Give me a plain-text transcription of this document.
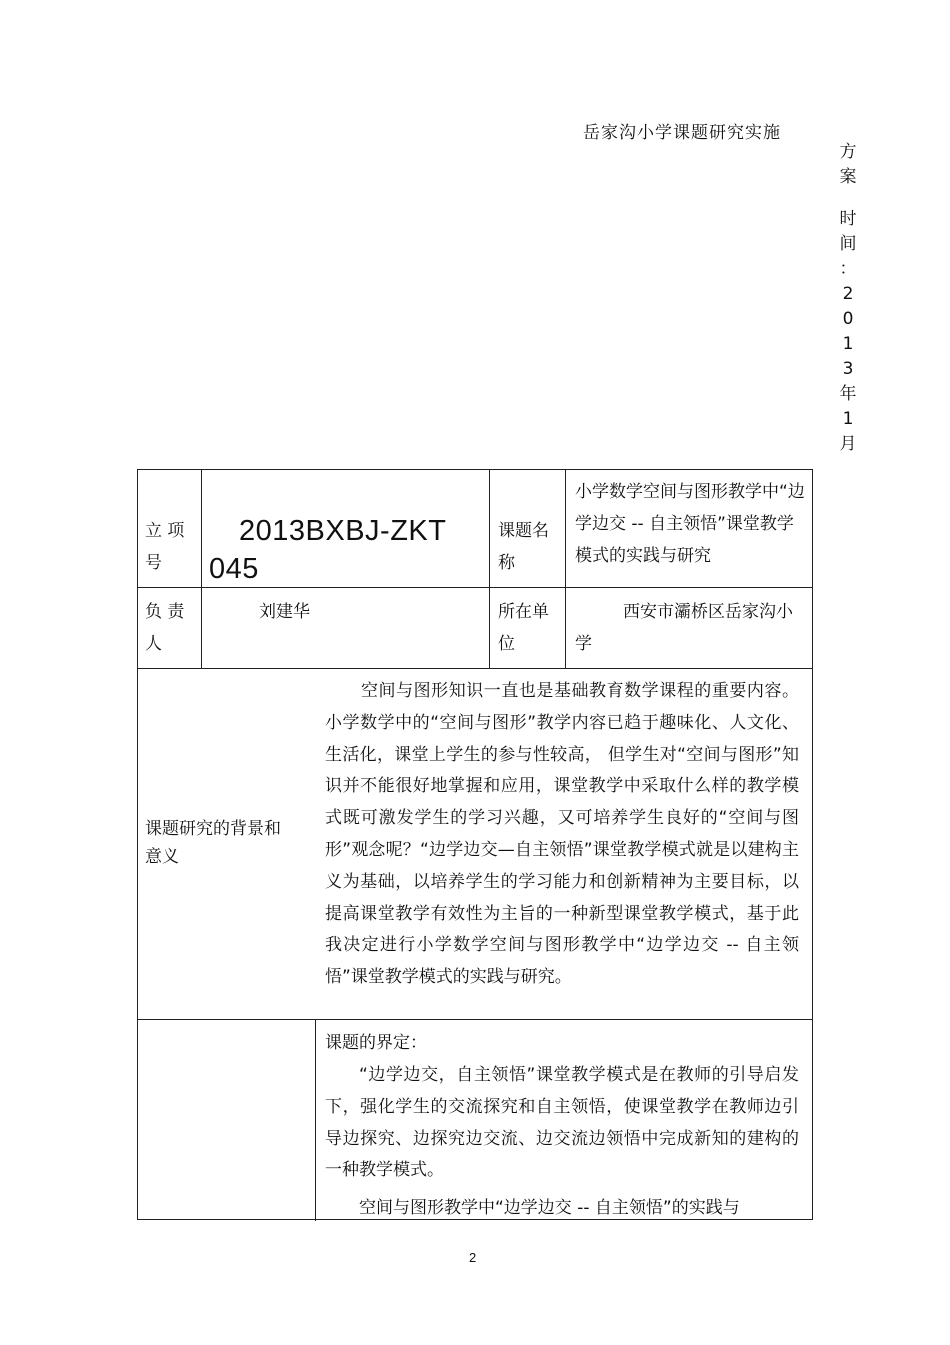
岳家沟小学课题研究实施
方
案
时
间
：
2
0
1
3
年
1
月
立 项号
2013BXBJ-ZKT 045
课题名称
小学数学空间与图形教学中“边学边交 -- 自主领悟”课堂教学模式的实践与研究
负 责人
刘建华	所在单位
西安市灞桥区岳家沟小学
课题研究的背景和意义
空间与图形知识一直也是基础教育数学课程的重要内容。小学数学中的“空间与图形”教学内容已趋于趣味化、人文化、生活化，课堂上学生的参与性较高， 但学生对“空间与图形”知识并不能很好地掌握和应用，课堂教学中采取什么样的教学模式既可激发学生的学习兴趣，又可培养学生良好的“空间与图形”观念呢？“边学边交—自主领悟”课堂教学模式就是以建构主义为基础，以培养学生的学习能力和创新精神为主要目标，以提高课堂教学有效性为主旨的一种新型课堂教学模式，基于此我决定进行小学数学空间与图形教学中“边学边交 -- 自主领悟”课堂教学模式的实践与研究。
课题的界定：
“边学边交，自主领悟”课堂教学模式是在教师的引导启发下，强化学生的交流探究和自主领悟，使课堂教学在教师边引导边探究、边探究边交流、边交流边领悟中完成新知的建构的一种教学模式。
空间与图形教学中“边学边交 -- 自主领悟”的实践与
2
